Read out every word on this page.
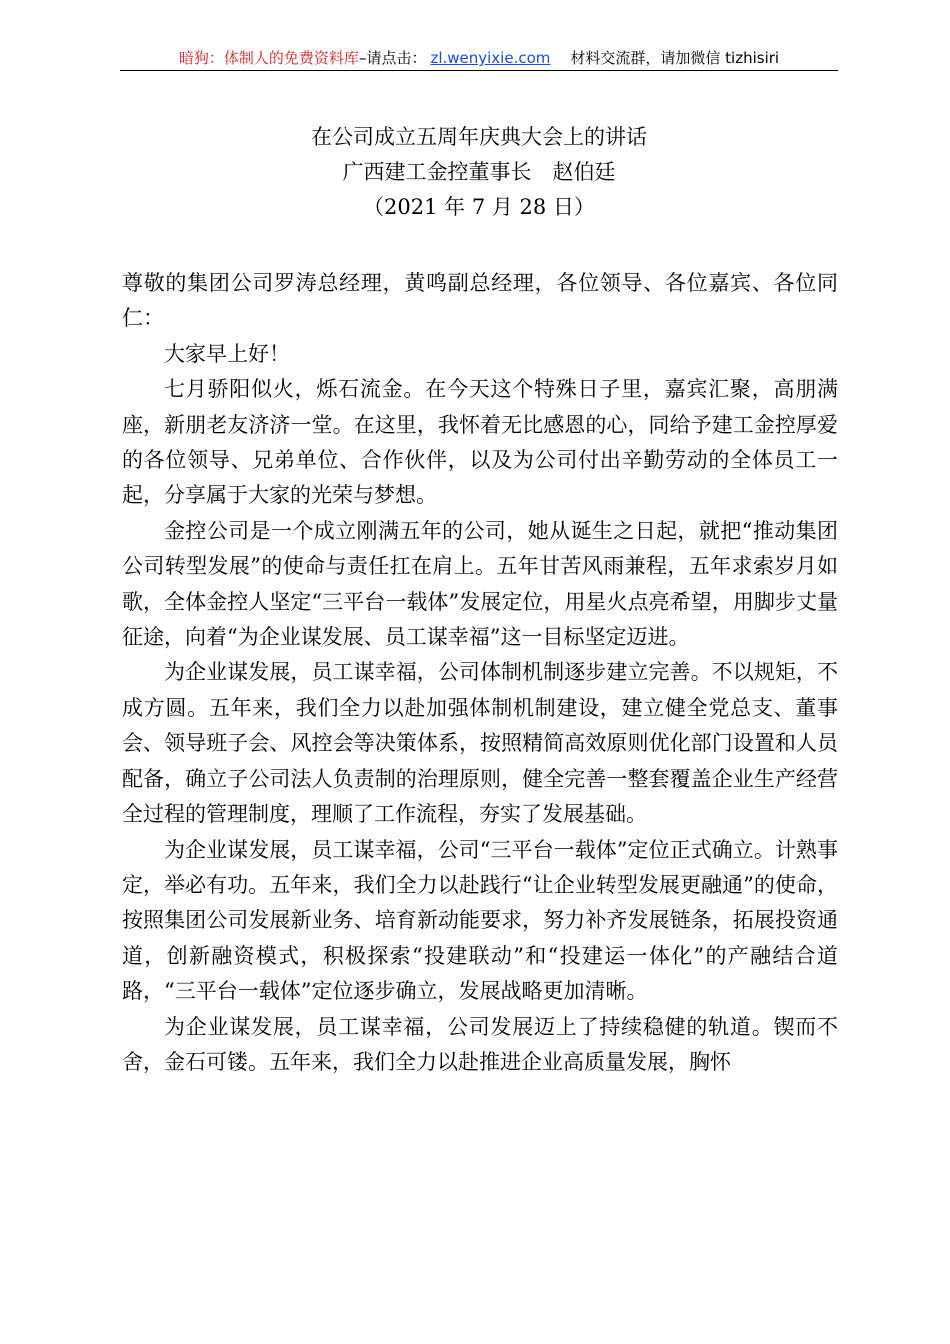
暗狗：体制人的免费资料库–请点击： zl.wenyixie.com 材料交流群，请加微信 tizhisiri
在公司成立五周年庆典大会上的讲话
广西建工金控董事长　赵伯廷
（2021 年 7 月 28 日）

尊敬的集团公司罗涛总经理，黄鸣副总经理，各位领导、各位嘉宾、各位同仁：

大家早上好！

七月骄阳似火，烁石流金。在今天这个特殊日子里，嘉宾汇聚，高朋满座，新朋老友济济一堂。在这里，我怀着无比感恩的心，同给予建工金控厚爱的各位领导、兄弟单位、合作伙伴，以及为公司付出辛勤劳动的全体员工一起，分享属于大家的光荣与梦想。

金控公司是一个成立刚满五年的公司，她从诞生之日起，就把“推动集团公司转型发展”的使命与责任扛在肩上。五年甘苦风雨兼程，五年求索岁月如歌，全体金控人坚定“三平台一载体”发展定位，用星火点亮希望，用脚步丈量征途，向着“为企业谋发展、员工谋幸福”这一目标坚定迈进。

为企业谋发展，员工谋幸福，公司体制机制逐步建立完善。不以规矩，不成方圆。五年来，我们全力以赴加强体制机制建设，建立健全党总支、董事会、领导班子会、风控会等决策体系，按照精简高效原则优化部门设置和人员配备，确立子公司法人负责制的治理原则，健全完善一整套覆盖企业生产经营全过程的管理制度，理顺了工作流程，夯实了发展基础。

为企业谋发展，员工谋幸福，公司“三平台一载体”定位正式确立。计熟事定，举必有功。五年来，我们全力以赴践行“让企业转型发展更融通”的使命，按照集团公司发展新业务、培育新动能要求，努力补齐发展链条，拓展投资通道，创新融资模式，积极探索“投建联动”和“投建运一体化”的产融结合道路，“三平台一载体”定位逐步确立，发展战略更加清晰。

为企业谋发展，员工谋幸福，公司发展迈上了持续稳健的轨道。锲而不舍，金石可镂。五年来，我们全力以赴推进企业高质量发展，胸怀
